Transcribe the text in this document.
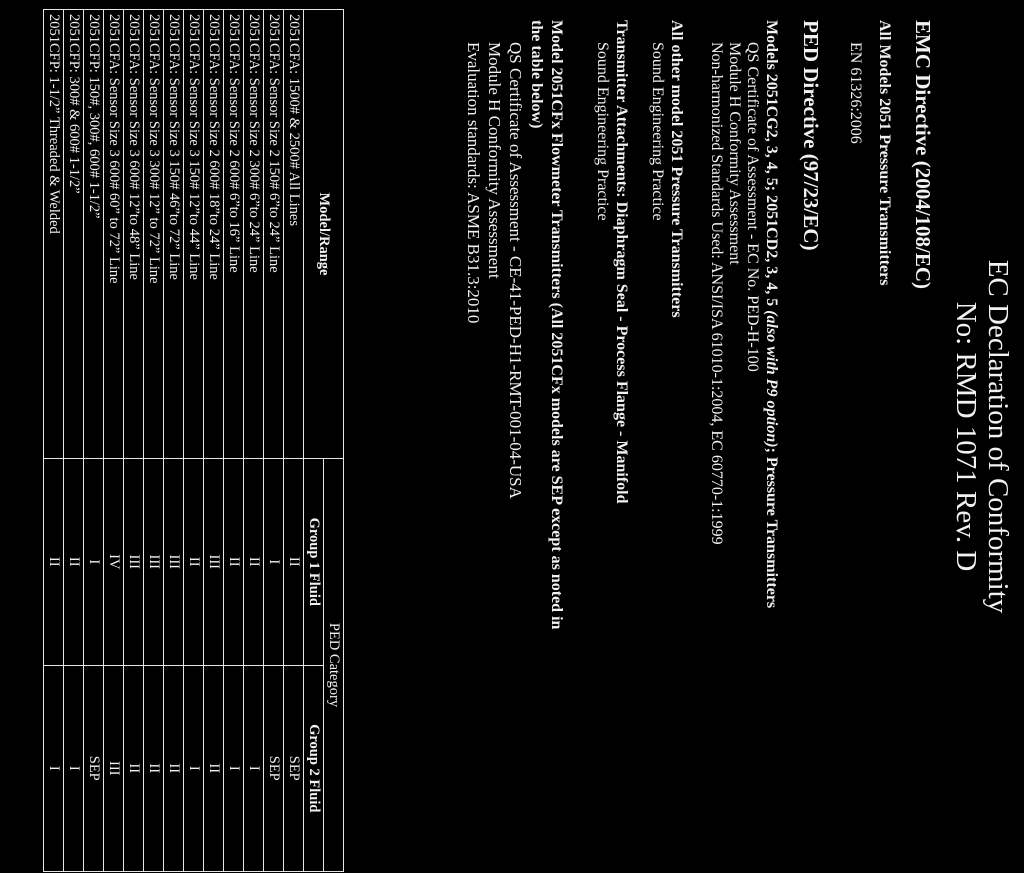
EC Declaration of Conformity
No: RMD 1071 Rev. D

EMC Directive (2004/108/EC)

All Models 2051 Pressure Transmitters

EN 61326:2006

PED Directive (97/23/EC)

Models 2051CG2, 3, 4, 5; 2051CD2, 3, 4, 5 (also with P9 option); Pressure Transmitters

QS Certificate of Assessment - EC No. PED-H-100

Module H Conformity Assessment

Non-harmonized Standards Used: ANSI/ISA 61010-1:2004, EC 60770-1:1999

All other model 2051 Pressure Transmitters

Sound Engineering Practice

Transmitter Attachments: Diaphragm Seal - Process Flange - Manifold

Sound Engineering Practice

Model 2051CFx Flowmeter Transmitters (All 2051CFx models are SEP except as noted in

the table below)

QS Certificate of Assessment - CE-41-PED-H1-RMT-001-04-USA

Module H Conformity Assessment

Evaluation standards: ASME B31.3:2010

Model/Range	PED Category	
	Group 1 Fluid	Group 2 Fluid
2051CFA: 1500# & 2500# All Lines	II	SEP
2051CFA: Sensor Size 2 150# 6”to 24” Line	I	SEP
2051CFA: Sensor Size 2 300# 6”to 24” Line	II	I
2051CFA: Sensor Size 2 600# 6”to 16” Line	II	I
2051CFA: Sensor Size 2 600# 18”to 24” Line	III	II
2051CFA: Sensor Size 3 150# 12”to 44” Line	II	I
2051CFA: Sensor Size 3 150# 46”to 72” Line	III	II
2051CFA: Sensor Size 3 300# 12” to 72” Line	III	II
2051CFA: Sensor Size 3 600# 12”to 48” Line	III	II
2051CFA: Sensor Size 3 600# 60” to 72” Line	IV	III
2051CFP: 150#, 300#, 600# 1-1/2”	I	SEP
2051CFP: 300# & 600# 1-1/2”	II	I
2051CFP: 1-1/2” Threaded & Welded	II	I
